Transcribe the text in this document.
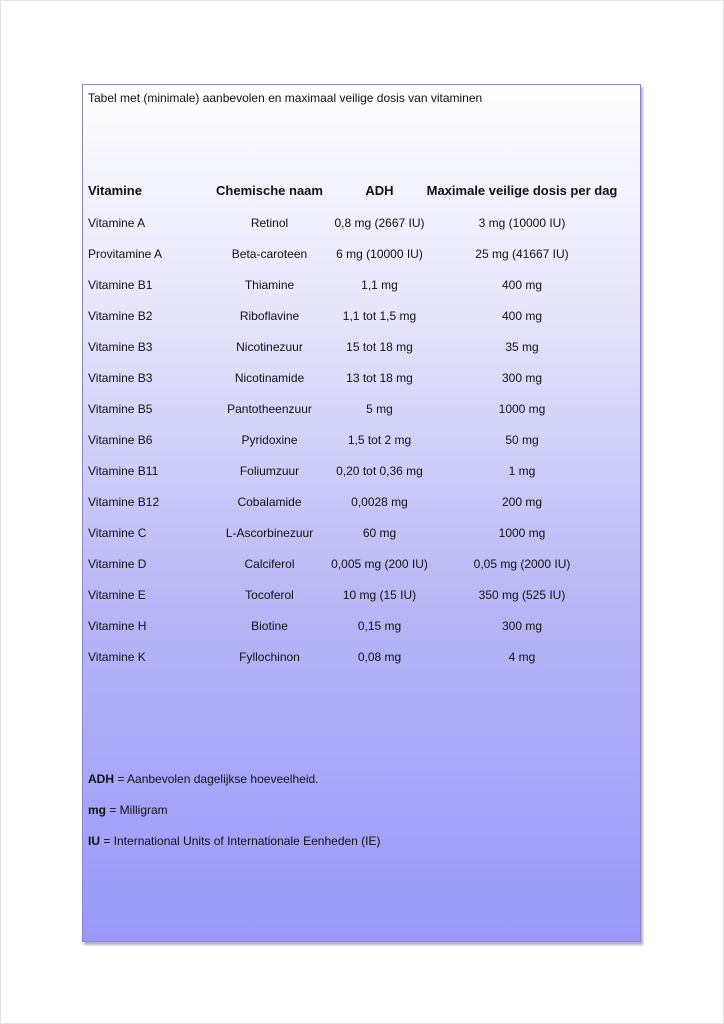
Tabel met (minimale) aanbevolen en maximaal veilige dosis van vitaminen
Vitamine	Chemische naam	ADH	Maximale veilige dosis per dag
Vitamine A	Retinol	0,8 mg (2667 IU)	3 mg (10000 IU)
Provitamine A	Beta-caroteen	6 mg (10000 IU)	25 mg (41667 IU)
Vitamine B1	Thiamine	1,1 mg	400 mg
Vitamine B2	Riboflavine	1,1 tot 1,5 mg	400 mg
Vitamine B3	Nicotinezuur	15 tot 18 mg	35 mg
Vitamine B3	Nicotinamide	13 tot 18 mg	300 mg
Vitamine B5	Pantotheenzuur	5 mg	1000 mg
Vitamine B6	Pyridoxine	1,5 tot 2 mg	50 mg
Vitamine B11	Foliumzuur	0,20 tot 0,36 mg	1 mg
Vitamine B12	Cobalamide	0,0028 mg	200 mg
Vitamine C	L-Ascorbinezuur	60 mg	1000 mg
Vitamine D	Calciferol	0,005 mg (200 IU)	0,05 mg (2000 IU)
Vitamine E	Tocoferol	10 mg (15 IU)	350 mg (525 IU)
Vitamine H	Biotine	0,15 mg	300 mg
Vitamine K	Fyllochinon	0,08 mg	4 mg
ADH = Aanbevolen dagelijkse hoeveelheid.
mg = Milligram
IU = International Units of Internationale Eenheden (IE)
